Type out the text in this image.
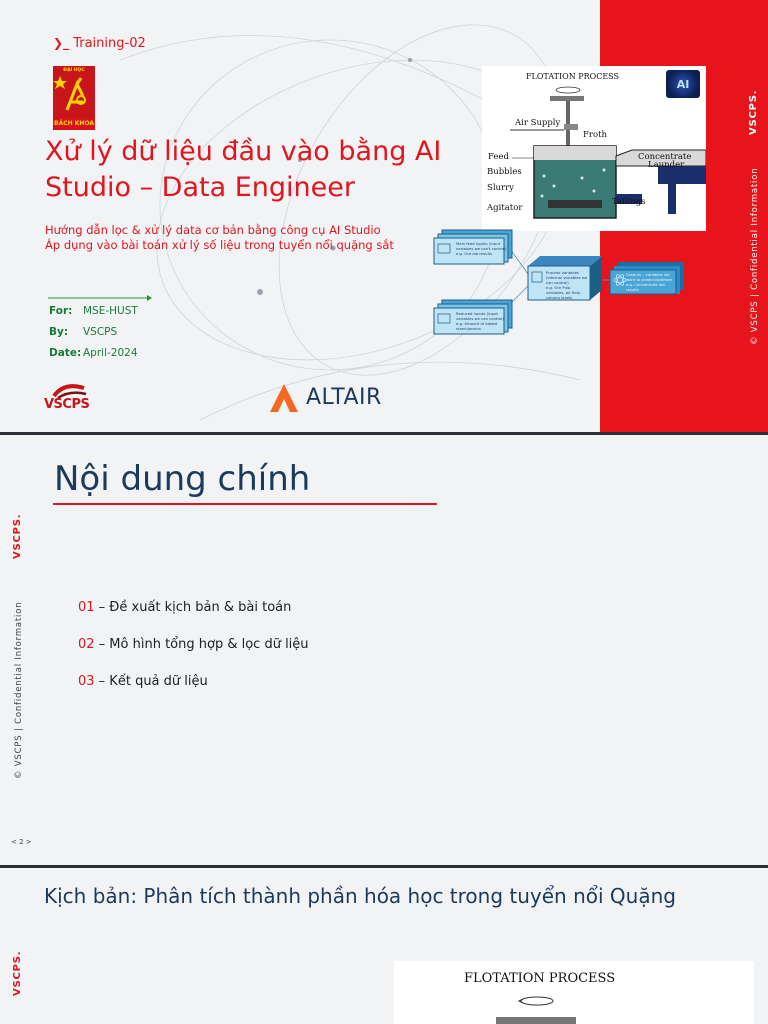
VSCPS.
© VSCPS | Confidential Information
❯_ Training-02
ĐẠI HỌC
BÁCH KHOA
Xử lý dữ liệu đầu vào bằng AI
Studio – Data Engineer
Hướng dẫn lọc & xử lý data cơ bản bằng công cụ AI Studio
Áp dụng vào bài toán xử lý số liệu trong tuyển nổi quặng sắt
For: MSE-HUST
By: VSCPS
Date: April-2024
VSCPS	ALTAIR
FLOTATION PROCESS
AI
Air Supply
Froth
Feed
Bubbles
Slurry
Agitator
Concentrate
Launder
Tailings
Main feed inputs (input
variables we can't control)
e.g. Ore lab results
Reduced inputs (input
variables we can control)
e.g. Amount of added
starch/amina
Process variables
(internal variables we
can control)
e.g. Ore Pulp
variables, air flow,
column levels
Outputs – variables we
want to predict/optimize
e.g. Concentrate lab
results
Nội dung chính
VSCPS.
© VSCPS | Confidential Information	01 – Đề xuất kịch bản & bài toán
02 – Mô hình tổng hợp & lọc dữ liệu
03 – Kết quả dữ liệu
< 2 >
Kịch bản: Phân tích thành phần hóa học trong tuyển nổi Quặng
VSCPS.	FLOTATION PROCESS
